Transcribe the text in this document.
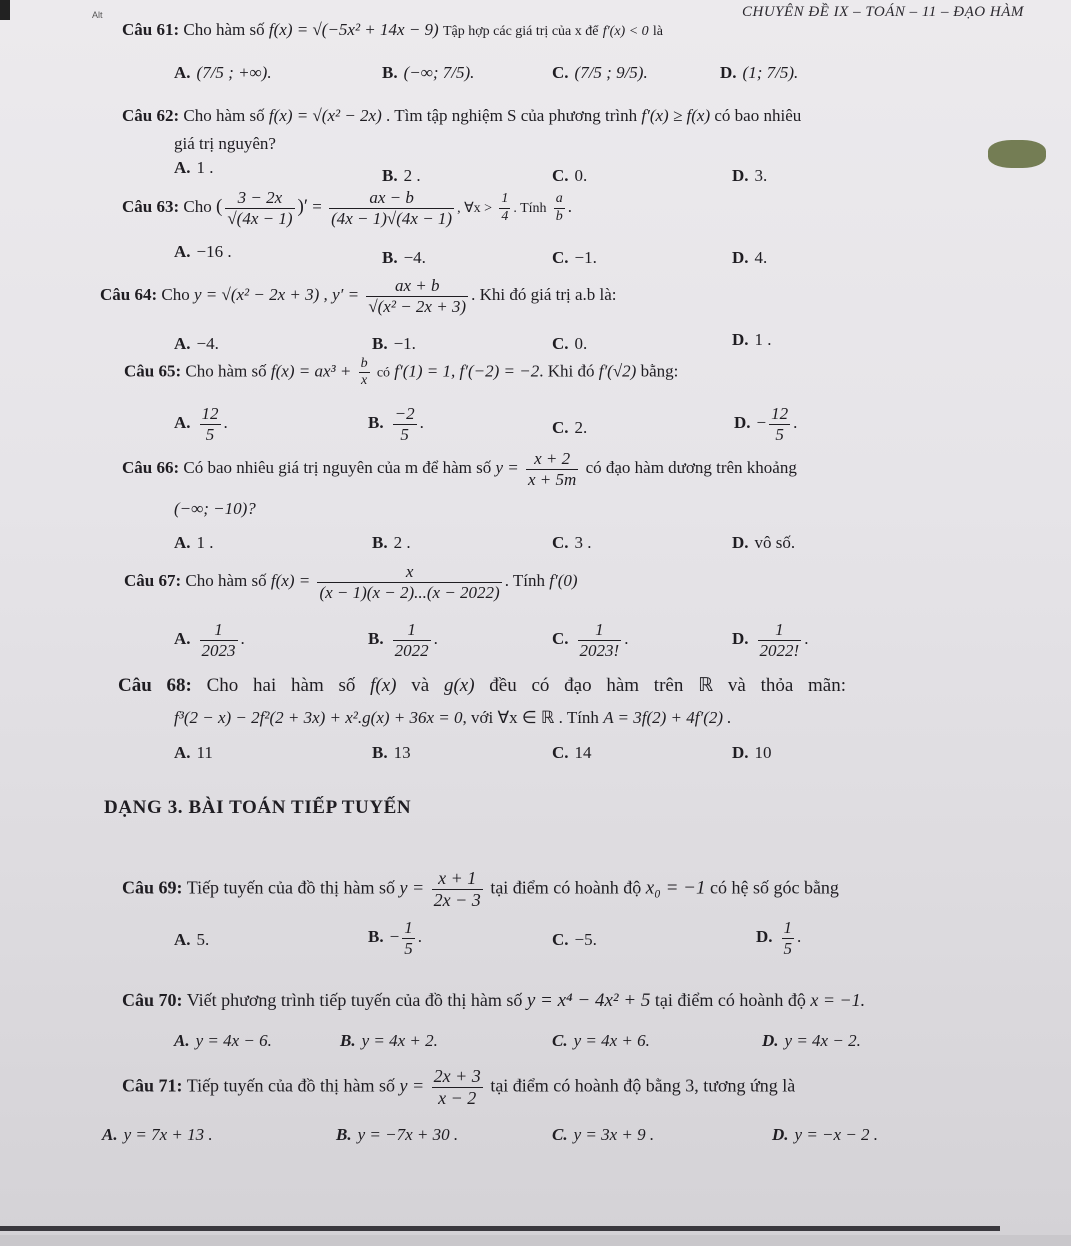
CHUYÊN ĐỀ IX – TOÁN – 11 – ĐẠO HÀM
Alt
Câu 61: Cho hàm số f(x) = √(−5x² + 14x − 9) Tập hợp các giá trị của x để f′(x) < 0 là
A. (7/5 ; +∞).	B. (−∞; 7/5).	C. (7/5 ; 9/5).	D. (1; 7/5).
Câu 62: Cho hàm số f(x) = √(x² − 2x) . Tìm tập nghiệm S của phương trình f′(x) ≥ f(x) có bao nhiêu
giá trị nguyên?
A. 1 .	B. 2 .	C. 0.	D. 3.
Câu 63: Cho ( $\frac{3 - 2x}{√(4x - 1)}$ )′ = $\frac{ax - b}{(4x - 1)√(4x - 1)}$ , ∀x > $\frac{1}{4}$ . Tính $\frac{a}{b}$ .
A. −16 .	B. −4.	C. −1.	D. 4.
Câu 64: Cho y = √(x² − 2x + 3) , $y' = \frac{ax + b}{\text{√(x² − 2x + 3)}}$ . Khi đó giá trị a.b là:
A. −4.	B. −1.	C. 0.	D. 1 .
Câu 65: Cho hàm số $f(x) = ax^3 + \frac{b}{x}$ có f′(1) = 1, f′(−2) = −2. Khi đó f′(√2) bằng:
A. $\frac{12}{5}$ .	B. $\frac{-2}{5}$ .	C. 2.	D. − $\frac{12}{5}$ .
Câu 66: Có bao nhiêu giá trị nguyên của m để hàm số $y = \frac{x + 2}{x + 5m}$ có đạo hàm dương trên khoảng
(−∞; −10)?
A. 1 .	B. 2 .	C. 3 .	D. vô số.
Câu 67: Cho hàm số $f(x) = \frac{x}{(x - 1)(x - 2)...(x - 2022)}$ . Tính f′(0)
A. $\frac{1}{2023}$ .	B. $\frac{1}{2022}$ .	C. $\frac{1}{2023!}$ .	D. $\frac{1}{2022!}$ .
Câu 68: Cho hai hàm số f(x) và g(x) đều có đạo hàm trên ℝ và thỏa mãn:
f³(2 − x) − 2f²(2 + 3x) + x².g(x) + 36x = 0, với ∀x ∈ ℝ . Tính A = 3f(2) + 4f′(2) .
A. 11	B. 13	C. 14	D. 10
DẠNG 3. BÀI TOÁN TIẾP TUYẾN
Câu 69: Tiếp tuyến của đồ thị hàm số $y = \frac{x + 1}{2x - 3}$ tại điểm có hoành độ x₀ = −1 có hệ số góc bằng
A. 5.	B. − $\frac{1}{5}$ .	C. −5.	D. $\frac{1}{5}$ .
Câu 70: Viết phương trình tiếp tuyến của đồ thị hàm số y = x⁴ − 4x² + 5 tại điểm có hoành độ x = −1.
A. y = 4x − 6.	B. y = 4x + 2.	C. y = 4x + 6.	D. y = 4x − 2.
Câu 71: Tiếp tuyến của đồ thị hàm số $y = \frac{2x + 3}{x - 2}$ tại điểm có hoành độ bằng 3, tương ứng là
A. y = 7x + 13 .	B. y = −7x + 30 .	C. y = 3x + 9 .	D. y = −x − 2 .
